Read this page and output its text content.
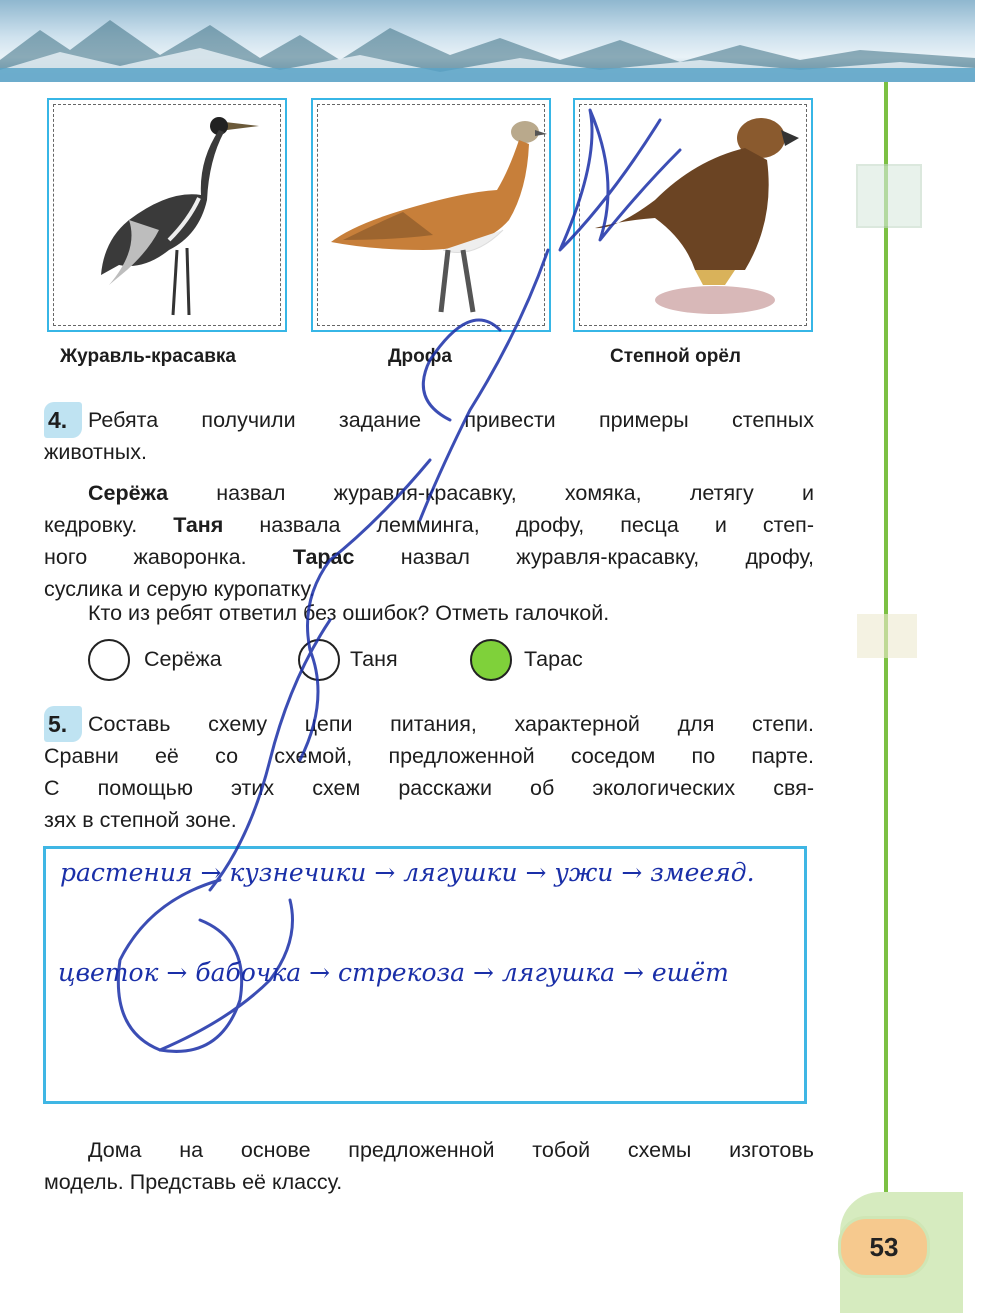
53
Журавль-красавка	Дрофа	Степной орёл
4. Ребята получили задание привести примеры степных
животных.
Серёжа назвал журавля-красавку, хомяка, летягу и
кедровку. Таня назвала лемминга, дрофу, песца и степ-
ного жаворонка. Тарас назвал журавля-красавку, дрофу,
суслика и серую куропатку.
Кто из ребят ответил без ошибок? Отметь галочкой.
Серёжа	Таня	Тарас
5. Составь схему цепи питания, характерной для степи.
Сравни её со схемой, предложенной соседом по парте.
С помощью этих схем расскажи об экологических свя-
зях в степной зоне.
растения → кузнечики → лягушки → ужи → змееяд.
цветок → бабочка → стрекоза → лягушка → ешёт
Дома на основе предложенной тобой схемы изготовь
модель. Представь её классу.
